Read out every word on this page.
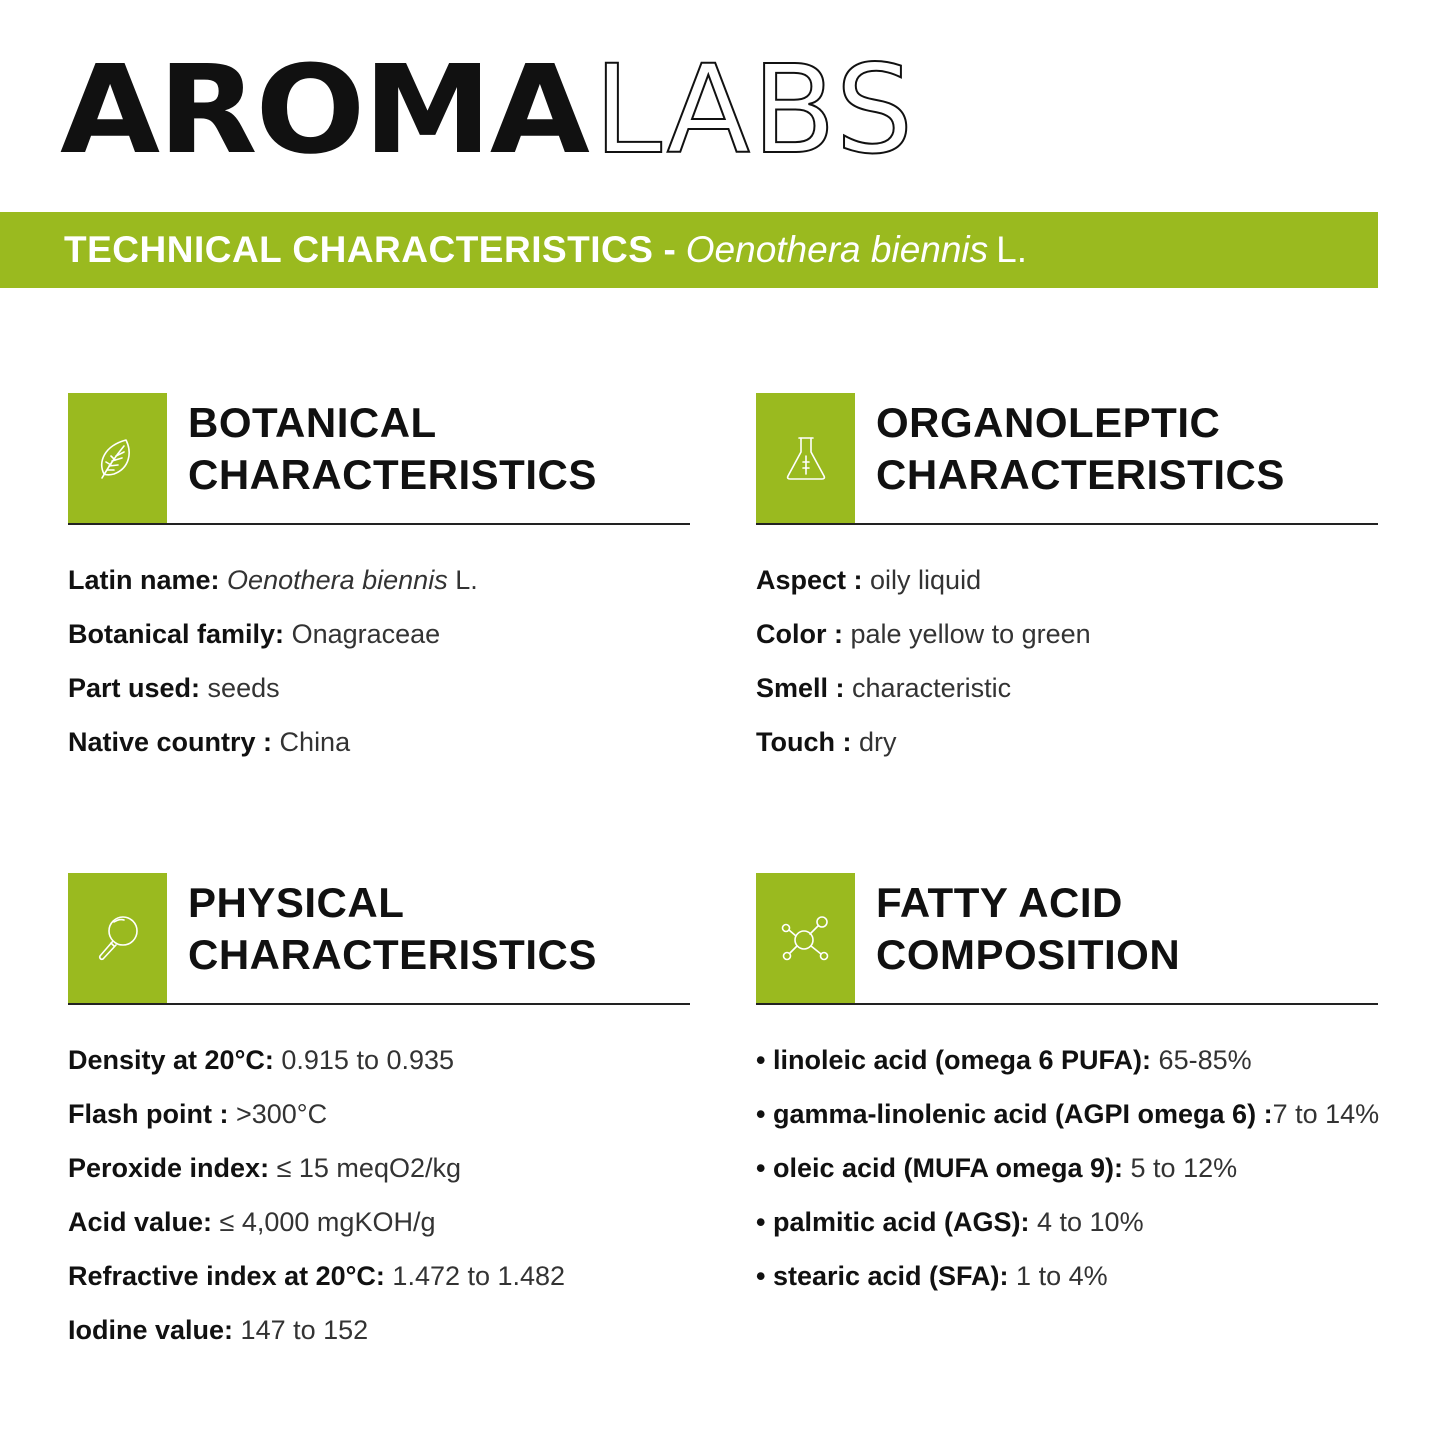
AROMA LABS
TECHNICAL CHARACTERISTICS - Oenothera biennis L.
BOTANICAL
CHARACTERISTICS
Latin name: Oenothera biennis L.
Botanical family: Onagraceae
Part used: seeds
Native country : China
ORGANOLEPTIC
CHARACTERISTICS
Aspect : oily liquid
Color : pale yellow to green
Smell : characteristic
Touch : dry
PHYSICAL
CHARACTERISTICS
Density at 20°C: 0.915 to 0.935
Flash point : >300°C
Peroxide index: ≤ 15 meqO2/kg
Acid value: ≤ 4,000 mgKOH/g
Refractive index at 20°C: 1.472 to 1.482
Iodine value: 147 to 152
FATTY ACID
COMPOSITION
• linoleic acid (omega 6 PUFA): 65-85%
• gamma-linolenic acid (AGPI omega 6) :7 to 14%
• oleic acid (MUFA omega 9): 5 to 12%
• palmitic acid (AGS): 4 to 10%
• stearic acid (SFA): 1 to 4%
